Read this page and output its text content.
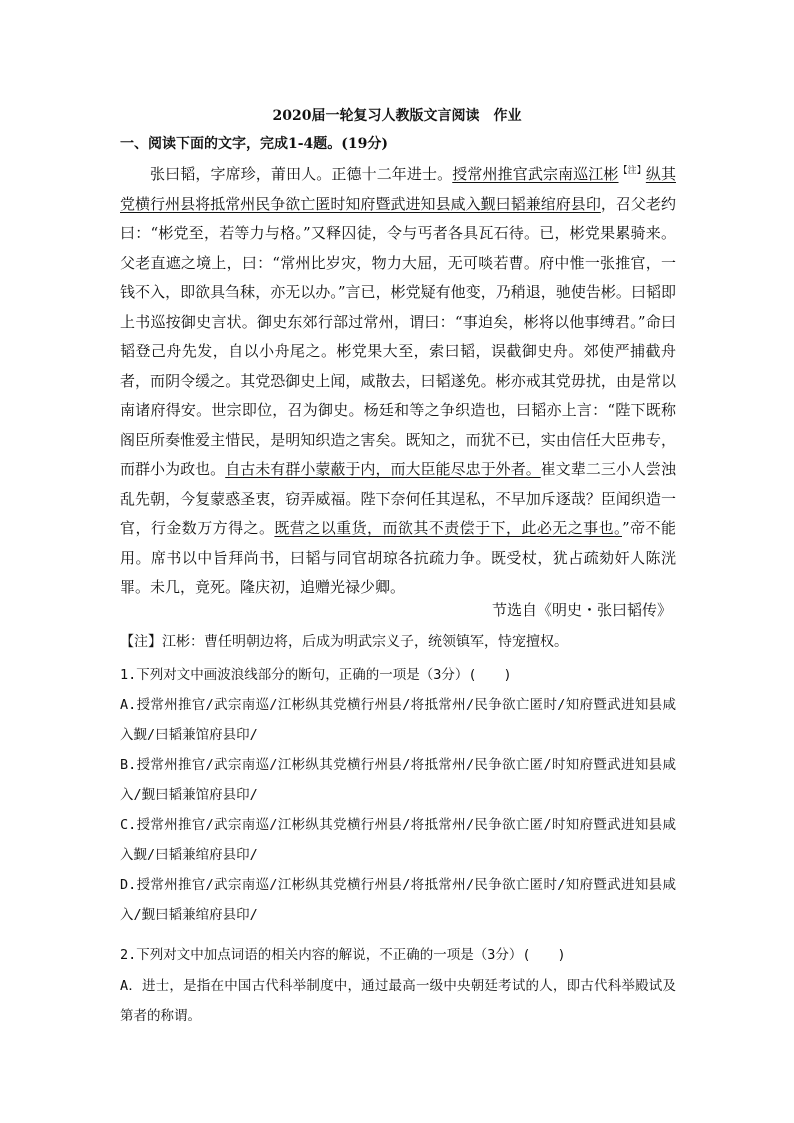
2020届一轮复习人教版文言阅读　作业
一、阅读下面的文字，完成1-4题。(19分)
张曰韬，字席珍，莆田人。正德十二年进士。授常州推官武宗南巡江彬$^{【注】}$纵其党横行州县将抵常州民争欲亡匿时知府暨武进知县咸入觐曰韬兼绾府县印，召父老约曰：“彬党至，若等力与格。”又释囚徒，令与丐者各具瓦石待。已，彬党果累骑来。父老直遮之境上，曰：“常州比岁灾，物力大屈，无可啖若曹。府中惟一张推官，一钱不入，即欲具刍秣，亦无以办。”言已，彬党疑有他变，乃稍退，驰使告彬。曰韬即上书巡按御史言状。御史东郊行部过常州，谓曰：“事迫矣，彬将以他事缚君。”命曰韬登己舟先发，自以小舟尾之。彬党果大至，索曰韬，误截御史舟。郊使严捕截舟者，而阴令缓之。其党恐御史上闻，咸散去，曰韬遂免。彬亦戒其党毋扰，由是常以南诸府得安。世宗即位，召为御史。杨廷和等之争织造也，曰韬亦上言：“陛下既称阁臣所奏惟爱主惜民，是明知织造之害矣。既知之，而犹不已，实由信任大臣弗专，而群小为政也。自古未有群小蒙蔽于内，而大臣能尽忠于外者。崔文辈二三小人尝浊乱先朝，今复蒙惑圣衷，窃弄威福。陛下奈何任其逞私，不早加斥逐哉？臣闻织造一官，行金数万方得之。既营之以重货，而欲其不责偿于下，此必无之事也。”帝不能用。席书以中旨拜尚书，曰韬与同官胡琼各抗疏力争。既受杖，犹占疏劾奸人陈洸罪。未几，竟死。隆庆初，追赠光禄少卿。
节选自《明史・张曰韬传》
【注】江彬：曹任明朝边将，后成为明武宗义子，统领镇军，恃宠擅权。
1.下列对文中画波浪线部分的断句，正确的一项是（3分）(　　)
A.授常州推官/武宗南巡/江彬纵其党横行州县/将抵常州/民争欲亡匿时/知府暨武进知县咸入觐/曰韬兼馆府县印/
B.授常州推官/武宗南巡/江彬纵其党横行州县/将抵常州/民争欲亡匿/时知府暨武进知县咸入/觐曰韬兼馆府县印/
C.授常州推官/武宗南巡/江彬纵其党横行州县/将抵常州/民争欲亡匿/时知府暨武进知县咸入觐/曰韬兼绾府县印/
D.授常州推官/武宗南巡/江彬纵其党横行州县/将抵常州/民争欲亡匿时/知府暨武进知县咸入/觐曰韬兼绾府县印/
2.下列对文中加点词语的相关内容的解说，不正确的一项是（3分）(　　)
A．进士，是指在中国古代科举制度中，通过最高一级中央朝廷考试的人，即古代科举殿试及第者的称谓。
